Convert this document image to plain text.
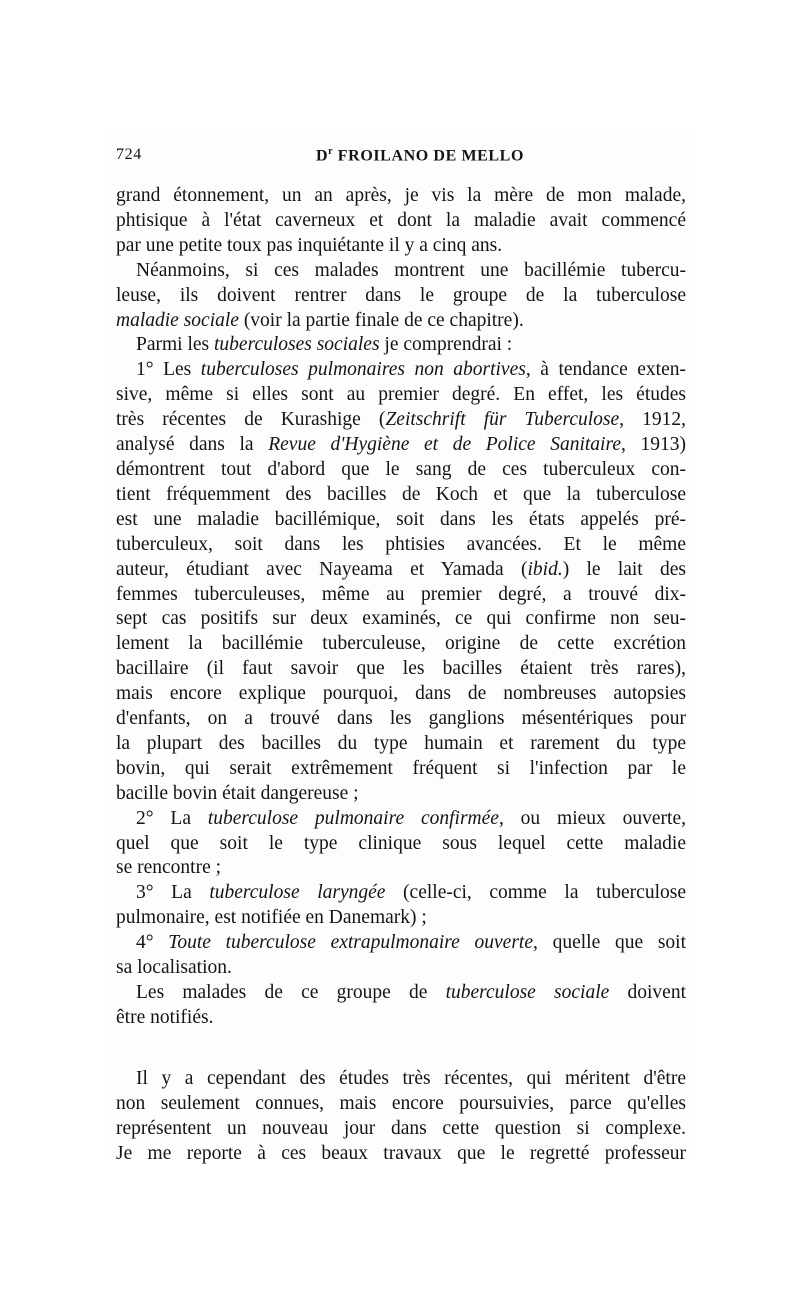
724	$D^r$ FROILANO DE MELLO
grand étonnement, un an après, je vis la mère de mon malade,
phtisique à l'état caverneux et dont la maladie avait commencé
par une petite toux pas inquiétante il y a cinq ans.
Néanmoins, si ces malades montrent une bacillémie tubercu-
leuse, ils doivent rentrer dans le groupe de la tuberculose
maladie sociale (voir la partie finale de ce chapitre).
Parmi les tuberculoses sociales je comprendrai :
1° Les tuberculoses pulmonaires non abortives, à tendance exten-
sive, même si elles sont au premier degré. En effet, les études
très récentes de Kurashige (Zeitschrift für Tuberculose, 1912,
analysé dans la Revue d'Hygiène et de Police Sanitaire, 1913)
démontrent tout d'abord que le sang de ces tuberculeux con-
tient fréquemment des bacilles de Koch et que la tuberculose
est une maladie bacillémique, soit dans les états appelés pré-
tuberculeux, soit dans les phtisies avancées. Et le même
auteur, étudiant avec Nayeama et Yamada (ibid.) le lait des
femmes tuberculeuses, même au premier degré, a trouvé dix-
sept cas positifs sur deux examinés, ce qui confirme non seu-
lement la bacillémie tuberculeuse, origine de cette excrétion
bacillaire (il faut savoir que les bacilles étaient très rares),
mais encore explique pourquoi, dans de nombreuses autopsies
d'enfants, on a trouvé dans les ganglions mésentériques pour
la plupart des bacilles du type humain et rarement du type
bovin, qui serait extrêmement fréquent si l'infection par le
bacille bovin était dangereuse ;
2° La tuberculose pulmonaire confirmée, ou mieux ouverte,
quel que soit le type clinique sous lequel cette maladie
se rencontre ;
3° La tuberculose laryngée (celle-ci, comme la tuberculose
pulmonaire, est notifiée en Danemark) ;
4° Toute tuberculose extrapulmonaire ouverte, quelle que soit
sa localisation.
Les malades de ce groupe de tuberculose sociale doivent
être notifiés.
Il y a cependant des études très récentes, qui méritent d'être
non seulement connues, mais encore poursuivies, parce qu'elles
représentent un nouveau jour dans cette question si complexe.
Je me reporte à ces beaux travaux que le regretté professeur
